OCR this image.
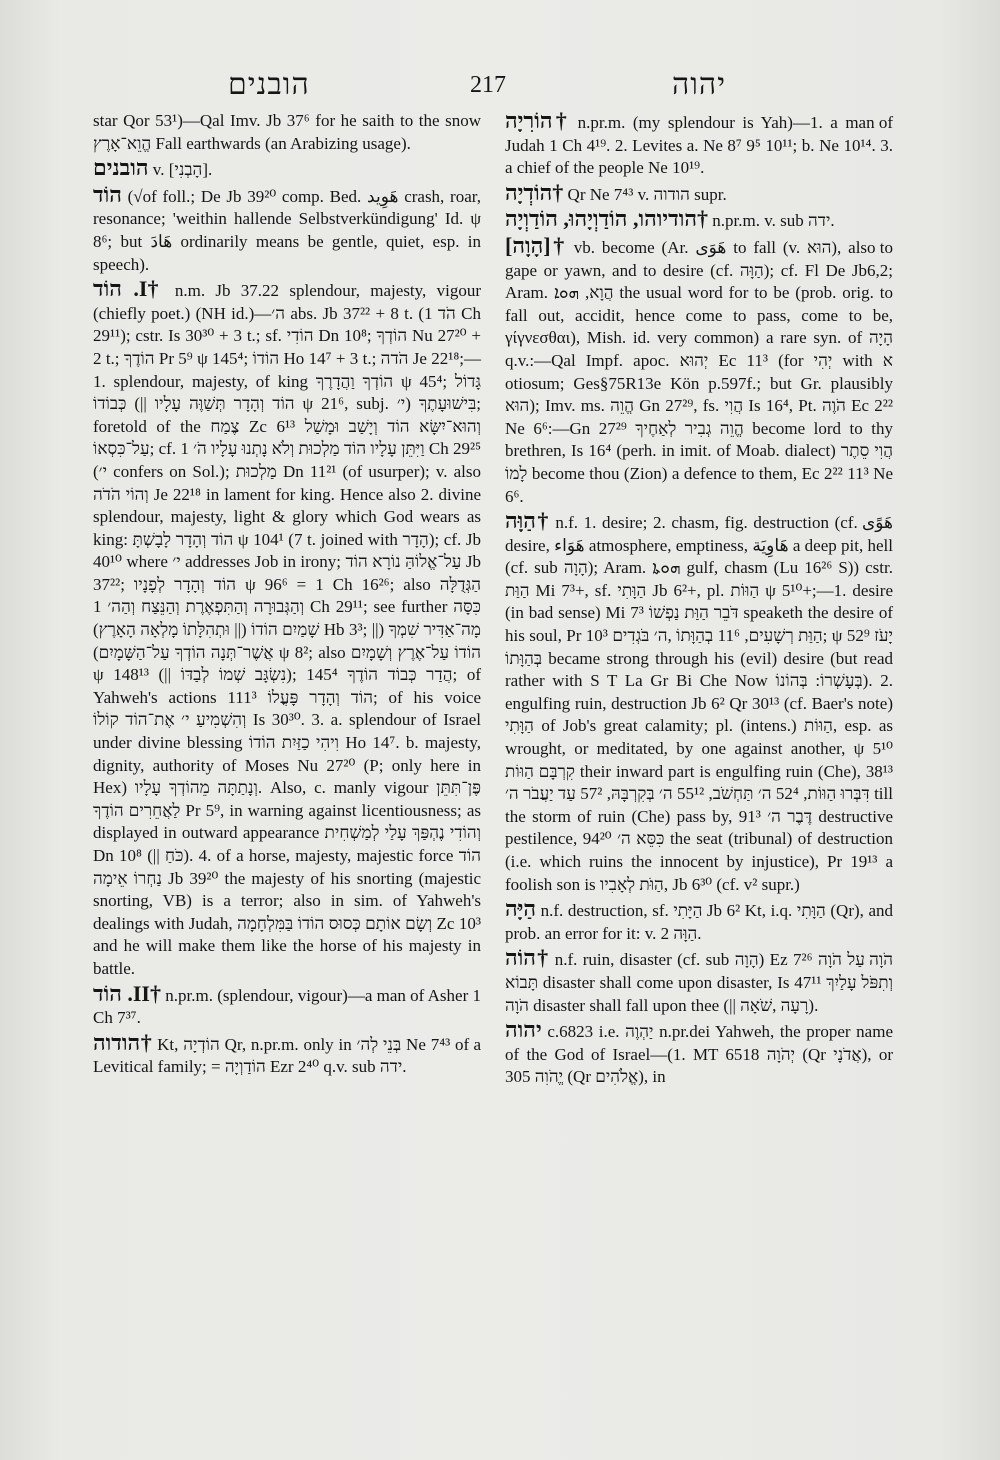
הובנים	217	יהוה

star Qor 53¹)—Qal Imv. Jb 37⁶ for he saith to the snow הֱוֵא־אָרֶץ Fall earthwards (an Arabizing usage).

הובנים v. [הָבְנִי].

הוֹד (√of foll.; De Jb 39²⁰ comp. Bed. هَوِيد crash, roar, resonance; 'weithin hallende Selbstverkündigung' Id. ψ 8⁶; but هَادَ ordinarily means be gentle, quiet, esp. in speech).

†I. הוֹד n.m. Jb 37.22 splendour, majesty, vigour (chiefly poet.) (NH id.)—ה׳ abs. Jb 37²² + 8 t. (הֹד 1 Ch 29¹¹); cstr. Is 30³⁰ + 3 t.; sf. הוֹדִי Dn 10⁸; הוֹדְךָ Nu 27²⁰ + 2 t.; הוֹדֶךָ Pr 5⁹ ψ 145⁴; הוֹדוֹ Ho 14⁷ + 3 t.; הֹדה Je 22¹⁸;—1. splendour, majesty, of king הוֹדְךָ וַהֲדָרֶךָ ψ 45⁴; גָּדוֹל כְּבוֹדוֹ (|| הוֹד וְהָדָר תְּשַׁוֶּה עָלָיו ψ 21⁶, subj. י׳) בִּישׁוּעָתֶךָ; foretold of the צֶמַח Zc 6¹³ וְהוּא־יִשָּׂא הוֹד וְיָשַׁב וּמָשַׁל עַל־כִּסְאוֹ; cf. וַיִּתֵּן עָלָיו הוֹד מַלְכוּת וְלֹא נָתְנוּ עָלָיו הֹ׳ 1 Ch 29²⁵ (י׳ confers on Sol.); מַלְכוּת Dn 11²¹ (of usurper); v. also וְהוֹי הֹדֹה Je 22¹⁸ in lament for king. Hence also 2. divine splendour, majesty, light & glory which God wears as king: הוֹד וְהָדָר לָבָשְׁתָּ ψ 104¹ (7 t. joined with הָדָר); cf. Jb 40¹⁰ where י׳ addresses Job in irony; עַל־אֱלוֹהַּ נוֹרָא הוֹד Jb 37²²; הוֹד וְהָדָר לְפָנָיו ψ 96⁶ = 1 Ch 16²⁶; also הַגְּדֻלָּה וְהַגְּבוּרָה וְהַתִּפְאֶרֶת וְהַנֵּצַח וְהַה׳ 1 Ch 29¹¹; see further כִּסָּה שָׁמַיִם הוֹדוֹ (|| וּתְהִלָּתוֹ מָלְאָה הָאָרֶץ) Hb 3³; מָה־אַדִּיר שִׁמְךָ (|| אֲשֶׁר־תְּנָה הוֹדְךָ עַל־הַשָּׁמָיִם) ψ 8²; also הוֹדוֹ עַל־אֶרֶץ וְשָׁמָיִם ψ 148¹³ (|| נִשְׂגָּב שְׁמוֹ לְבַדּוֹ); הֲדַר כְּבוֹד הוֹדֶךָ 145⁴; of Yahweh's actions הוֹד וְהָדָר פָּעֳלוֹ 111³; of his voice וְהִשְׁמִיעַ י׳ אֶת־הוֹד קוֹלוֹ Is 30³⁰. 3. a. splendour of Israel under divine blessing וִיהִי כַזַּיִת הוֹדוֹ Ho 14⁷. b. majesty, dignity, authority of Moses Nu 27²⁰ (P; only here in Hex) וְנָתַתָּה מֵהוֹדְךָ עָלָיו. Also, c. manly vigour פֶּן־תִּתֵּן לַאֲחֵרִים הוֹדֶךָ Pr 5⁹, in warning against licentiousness; as displayed in outward appearance וְהוֹדִי נֶהְפַּךְ עָלַי לְמַשְׁחִית Dn 10⁸ (|| כֹּחַ). 4. of a horse, majesty, majestic force הוֹד נַחְרוֹ אֵימָה Jb 39²⁰ the majesty of his snorting (majestic snorting, VB) is a terror; also in sim. of Yahweh's dealings with Judah, וְשָׂם אוֹתָם כְּסוּס הוֹדוֹ בַּמִּלְחָמָה Zc 10³ and he will make them like the horse of his majesty in battle.

†II. הוֹד n.pr.m. (splendour, vigour)—a man of Asher 1 Ch 7³⁷.

†הודוה Kt, הוֹדְיָה Qr, n.pr.m. only in בְּנֵי לְה׳ Ne 7⁴³ of a Levitical family; = הוֹדַוְיָה Ezr 2⁴⁰ q.v. sub ידה.

†הוֹרִיָה n.pr.m. (my splendour is Yah)—1. a man of Judah 1 Ch 4¹⁹. 2. Levites a. Ne 8⁷ 9⁵ 10¹¹; b. Ne 10¹⁴. 3. a chief of the people Ne 10¹⁹.

†הוֹדְיָה Qr Ne 7⁴³ v. הודוה supr.

†הודיוהו, הוֹדַוְיָהוּ, הוֹדַוְיָה n.pr.m. v. sub ידה.

†[הָוָה] vb. become (Ar. هَوَى to fall (v. הוּא), also to gape or yawn, and to desire (cf. הַוָּה); cf. Fl De Jb6,2; Aram. הֲוָא, ܗܘܐ the usual word for to be (prob. orig. to fall out, accidit, hence come to pass, come to be, γίγνεσθαι), Mish. id. very common) a rare syn. of הָיָה q.v.:—Qal Impf. apoc. יְהוּא Ec 11³ (for יְהִי with א otiosum; Ges§75R13e Kön p.597f.; but Gr. plausibly הוּא); Imv. ms. הֱוֵה Gn 27²⁹, fs. הֲוִי Is 16⁴, Pt. הֹוֶה Ec 2²² Ne 6⁶:—Gn 27²⁹ הֱוֵה גְבִיר לְאַחֶיךָ become lord to thy brethren, Is 16⁴ (perh. in imit. of Moab. dialect) הֲוִי סֵתֶר לָמוֹ become thou (Zion) a defence to them, Ec 2²² 11³ Ne 6⁶.

†הַוָּה n.f. 1. desire; 2. chasm, fig. destruction (cf. هَوًى desire, هَوَاء atmosphere, emptiness, هَاوِيَة a deep pit, hell (cf. sub הָוָה); Aram. ܗܘܬܐ gulf, chasm (Lu 16²⁶ S)) cstr. הַוַּת Mi 7³+, sf. הַוָּתִי Jb 6²+, pl. הַוּוֹת ψ 5¹⁰+;—1. desire (in bad sense) Mi 7³ דֹּבֵר הַוַּת נַפְשׁוֹ speaketh the desire of his soul, Pr 10³ הַוַּת רְשָׁעִים, 11⁶ בְהַוָּתוֹ ,ה׳ בֹּגְדִים; ψ 52⁹ יָעֹז בְּהַוָּתוֹ became strong through his (evil) desire (but read rather with S T La Gr Bi Che Now בְּעָשְׁרוֹ: בְּהוֹנוֹ). 2. engulfing ruin, destruction Jb 6² Qr 30¹³ (cf. Baer's note) הַוָּתִי of Job's great calamity; pl. (intens.) הַוּוֹת, esp. as wrought, or meditated, by one against another, ψ 5¹⁰ קִרְבָּם הַוּוֹת their inward part is engulfing ruin (Che), 38¹³ דִּבְּרוּ הַוּוֹת, 52⁴ ה׳ תַּחְשֹׁב, 55¹² ה׳ בְּקִרְבָּהּ, 57² עַד יַעֲבֹר ה׳ till the storm of ruin (Che) pass by, 91³ דֶּבֶר ה׳ destructive pestilence, 94²⁰ כִּסֵּא ה׳ the seat (tribunal) of destruction (i.e. which ruins the innocent by injustice), Pr 19¹³ a foolish son is הַוֹּת לְאָבִיו, Jb 6³⁰ (cf. v² supr.)

הַיָּה n.f. destruction, sf. הַיָּתִי Jb 6² Kt, i.q. הַוָּתִי (Qr), and prob. an error for it: v. הַוָּה 2.

†הוֹה n.f. ruin, disaster (cf. sub הָוָה) Ez 7²⁶ הֹוָה עַל הֹוָה תָּבוֹא disaster shall come upon disaster, Is 47¹¹ וְתִפֹּל עָלַיִךְ הֹוָה disaster shall fall upon thee (|| רָעָה ,שֹׁאָה).

יהוה c.6823 i.e. יַהְוֶה n.pr.dei Yahweh, the proper name of the God of Israel—(1. MT יְהֹוָה 6518 (Qr אֲדֹנָי), or יֱהֹוִה 305 (Qr אֱלֹהִים), in
